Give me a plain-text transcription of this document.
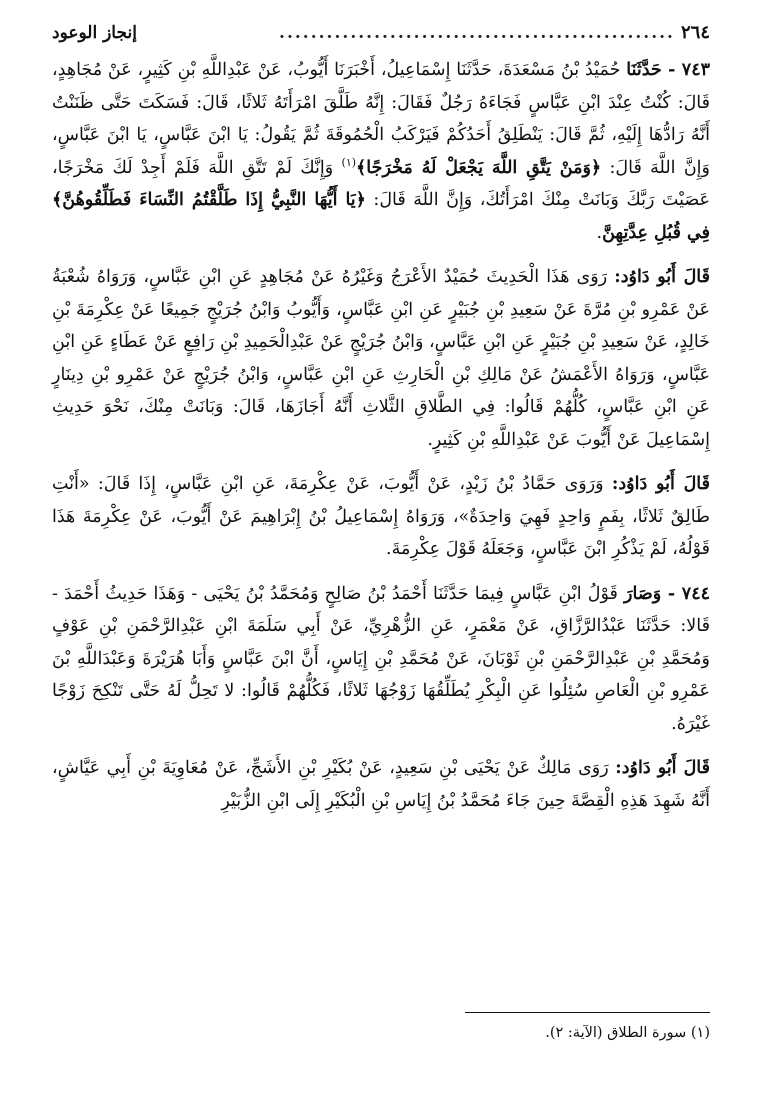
٢٦٤
..................................................
إنجاز الوعود

٧٤٣ - حَدَّثَنَا حُمَيْدُ بْنُ مَسْعَدَةَ، حَدَّثَنَا إِسْمَاعِيلُ، أَخْبَرَنَا أَيُّوبُ، عَنْ عَبْدِاللَّهِ بْنِ كَثِيرٍ، عَنْ مُجَاهِدٍ، قَالَ: كُنْتُ عِنْدَ ابْنِ عَبَّاسٍ فَجَاءَهُ رَجُلٌ فَقَالَ: إِنَّهُ طَلَّقَ امْرَأَتَهُ ثَلاثًا، قَالَ: فَسَكَتَ حَتَّى ظَنَنْتُ أَنَّهُ رَادُّهَا إِلَيْهِ، ثُمَّ قَالَ: يَنْطَلِقُ أَحَدُكُمْ فَيَرْكَبُ الْحُمُوقَةَ ثُمَّ يَقُولُ: يَا ابْنَ عَبَّاسٍ، يَا ابْنَ عَبَّاسٍ، وَإِنَّ اللَّهَ قَالَ: ﴿وَمَنْ يَتَّقِ اللَّهَ يَجْعَلْ لَهُ مَخْرَجًا﴾$^{(١)}$ وَإِنَّكَ لَمْ تَتَّقِ اللَّهَ فَلَمْ أَجِدْ لَكَ مَخْرَجًا، عَصَيْتَ رَبَّكَ وَبَانَتْ مِنْكَ امْرَأَتُكَ، وَإِنَّ اللَّهَ قَالَ: ﴿يَا أَيُّهَا النَّبِيُّ إِذَا طَلَّقْتُمُ النِّسَاءَ فَطَلِّقُوهُنَّ﴾ فِي قُبُلِ عِدَّتِهِنَّ.

قَالَ أَبُو دَاوُد: رَوَى هَذَا الْحَدِيثَ حُمَيْدٌ الأَعْرَجُ وَغَيْرُهُ عَنْ مُجَاهِدٍ عَنِ ابْنِ عَبَّاسٍ، وَرَوَاهُ شُعْبَةُ عَنْ عَمْرِو بْنِ مُرَّةَ عَنْ سَعِيدِ بْنِ جُبَيْرٍ عَنِ ابْنِ عَبَّاسٍ، وَأَيُّوبُ وَابْنُ جُرَيْجٍ جَمِيعًا عَنْ عِكْرِمَةَ بْنِ خَالِدٍ، عَنْ سَعِيدِ بْنِ جُبَيْرٍ عَنِ ابْنِ عَبَّاسٍ، وَابْنُ جُرَيْجٍ عَنْ عَبْدِالْحَمِيدِ بْنِ رَافِعٍ عَنْ عَطَاءٍ عَنِ ابْنِ عَبَّاسٍ، وَرَوَاهُ الأَعْمَشُ عَنْ مَالِكِ بْنِ الْحَارِثِ عَنِ ابْنِ عَبَّاسٍ، وَابْنُ جُرَيْجٍ عَنْ عَمْرِو بْنِ دِينَارٍ عَنِ ابْنِ عَبَّاسٍ، كُلُّهُمْ قَالُوا: فِي الطَّلاقِ الثَّلاثِ أَنَّهُ أَجَازَهَا، قَالَ: وَبَانَتْ مِنْكَ، نَحْوَ حَدِيثِ إِسْمَاعِيلَ عَنْ أَيُّوبَ عَنْ عَبْدِاللَّهِ بْنِ كَثِيرٍ.

قَالَ أَبُو دَاوُد: وَرَوَى حَمَّادُ بْنُ زَيْدٍ، عَنْ أَيُّوبَ، عَنْ عِكْرِمَةَ، عَنِ ابْنِ عَبَّاسٍ، إِذَا قَالَ: «أَنْتِ طَالِقٌ ثَلاثًا، بِفَمٍ وَاحِدٍ فَهِيَ وَاحِدَةٌ»، وَرَوَاهُ إِسْمَاعِيلُ بْنُ إِبْرَاهِيمَ عَنْ أَيُّوبَ، عَنْ عِكْرِمَةَ هَذَا قَوْلُهُ، لَمْ يَذْكُرِ ابْنَ عَبَّاسٍ، وَجَعَلَهُ قَوْلَ عِكْرِمَةَ.

٧٤٤ - وَصَارَ قَوْلُ ابْنِ عَبَّاسٍ فِيمَا حَدَّثَنَا أَحْمَدُ بْنُ صَالِحٍ وَمُحَمَّدُ بْنُ يَحْيَى - وَهَذَا حَدِيثُ أَحْمَدَ - قَالا: حَدَّثَنَا عَبْدُالرَّزَّاقِ، عَنْ مَعْمَرٍ، عَنِ الزُّهْرِيِّ، عَنْ أَبِي سَلَمَةَ ابْنِ عَبْدِالرَّحْمَنِ بْنِ عَوْفٍ وَمُحَمَّدِ بْنِ عَبْدِالرَّحْمَنِ بْنِ ثَوْبَانَ، عَنْ مُحَمَّدِ بْنِ إِيَاسٍ، أَنَّ ابْنَ عَبَّاسٍ وَأَبَا هُرَيْرَةَ وَعَبْدَاللَّهِ بْنَ عَمْرِو بْنِ الْعَاصِ سُئِلُوا عَنِ الْبِكْرِ يُطَلِّقُهَا زَوْجُهَا ثَلاثًا، فَكُلُّهُمْ قَالُوا: لا تَحِلُّ لَهُ حَتَّى تَنْكِحَ زَوْجًا غَيْرَهُ.

قَالَ أَبُو دَاوُد: رَوَى مَالِكٌ عَنْ يَحْيَى بْنِ سَعِيدٍ، عَنْ بُكَيْرِ بْنِ الأَشَجِّ، عَنْ مُعَاوِيَةَ بْنِ أَبِي عَيَّاشٍ، أَنَّهُ شَهِدَ هَذِهِ الْقِصَّةَ حِينَ جَاءَ مُحَمَّدُ بْنُ إِيَاسِ بْنِ الْبُكَيْرِ إِلَى ابْنِ الزُّبَيْرِ

(١) سورة الطلاق (الآية: ٢).
